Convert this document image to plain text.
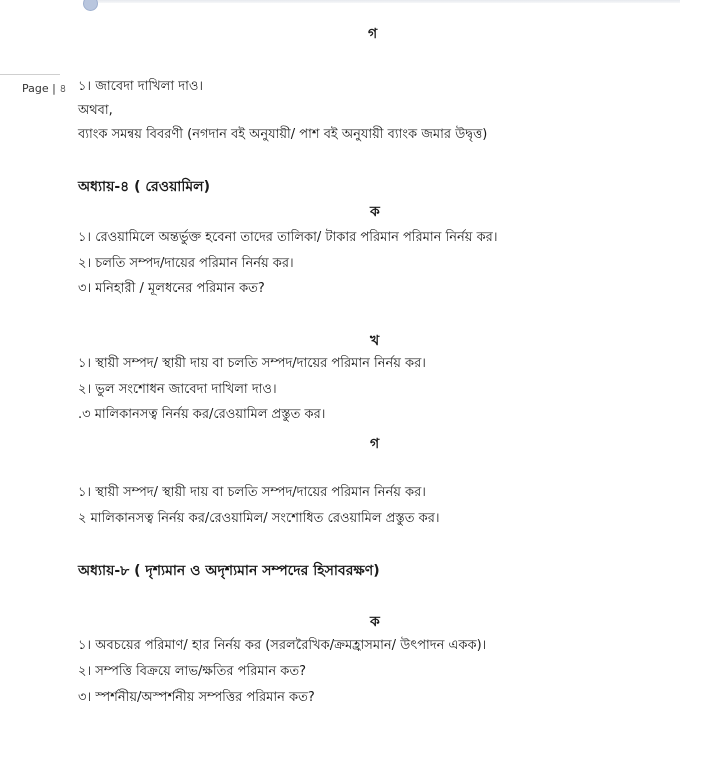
গ
Page | ৪ ১। জাবেদা দাখিলা দাও।
অথবা,
ব্যাংক সমন্বয় বিবরণী (নগদান বই অনুযায়ী/ পাশ বই অনুযায়ী ব্যাংক জমার উদ্বৃত্ত)
অধ্যায়-৪ ( রেওয়ামিল)
ক
১। রেওয়ামিলে অন্তর্ভুক্ত হবেনা তাদের তালিকা/ টাকার পরিমান পরিমান নির্নয় কর।
২। চলতি সম্পদ/দায়ের পরিমান নির্নয় কর।
৩। মনিহারী / মূলধনের পরিমান কত?
খ
১। স্থায়ী সম্পদ/ স্থায়ী দায় বা চলতি সম্পদ/দায়ের পরিমান নির্নয় কর।
২। ভুল সংশোধন জাবেদা দাখিলা দাও।
.৩ মালিকানসত্ব নির্নয় কর/রেওয়ামিল প্রস্তুত কর।
গ
১। স্থায়ী সম্পদ/ স্থায়ী দায় বা চলতি সম্পদ/দায়ের পরিমান নির্নয় কর।
২ মালিকানসত্ব নির্নয় কর/রেওয়ামিল/ সংশোধিত রেওয়ামিল প্রস্তুত কর।
অধ্যায়-৮ ( দৃশ্যমান ও অদৃশ্যমান সম্পদের হিসাবরক্ষণ)
ক
১। অবচয়ের পরিমাণ/ হার নির্নয় কর (সরলরৈখিক/ক্রমহ্রাসমান/ উৎপাদন একক)।
২। সম্পত্তি বিক্রয়ে লাভ/ক্ষতির পরিমান কত?
৩। স্পর্শনীয়/অস্পর্শনীয় সম্পত্তির পরিমান কত?
